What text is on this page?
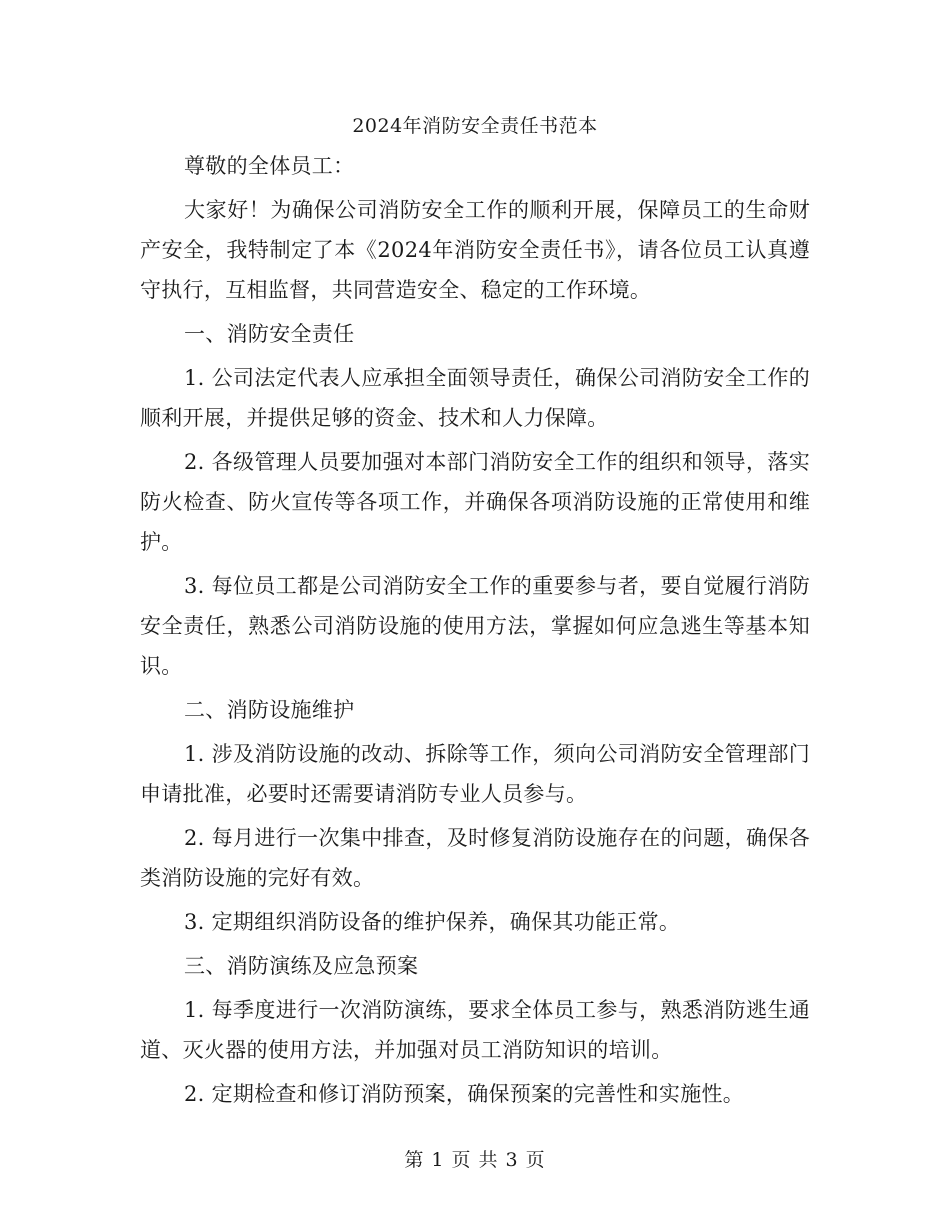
2024年消防安全责任书范本

尊敬的全体员工：

大家好！为确保公司消防安全工作的顺利开展，保障员工的生命财产安全，我特制定了本《2024年消防安全责任书》，请各位员工认真遵守执行，互相监督，共同营造安全、稳定的工作环境。

一、消防安全责任

1. 公司法定代表人应承担全面领导责任，确保公司消防安全工作的顺利开展，并提供足够的资金、技术和人力保障。

2. 各级管理人员要加强对本部门消防安全工作的组织和领导，落实防火检查、防火宣传等各项工作，并确保各项消防设施的正常使用和维护。

3. 每位员工都是公司消防安全工作的重要参与者，要自觉履行消防安全责任，熟悉公司消防设施的使用方法，掌握如何应急逃生等基本知识。

二、消防设施维护

1. 涉及消防设施的改动、拆除等工作，须向公司消防安全管理部门申请批准，必要时还需要请消防专业人员参与。

2. 每月进行一次集中排查，及时修复消防设施存在的问题，确保各类消防设施的完好有效。

3. 定期组织消防设备的维护保养，确保其功能正常。

三、消防演练及应急预案

1. 每季度进行一次消防演练，要求全体员工参与，熟悉消防逃生通道、灭火器的使用方法，并加强对员工消防知识的培训。

2. 定期检查和修订消防预案，确保预案的完善性和实施性。

第 1 页 共 3 页
